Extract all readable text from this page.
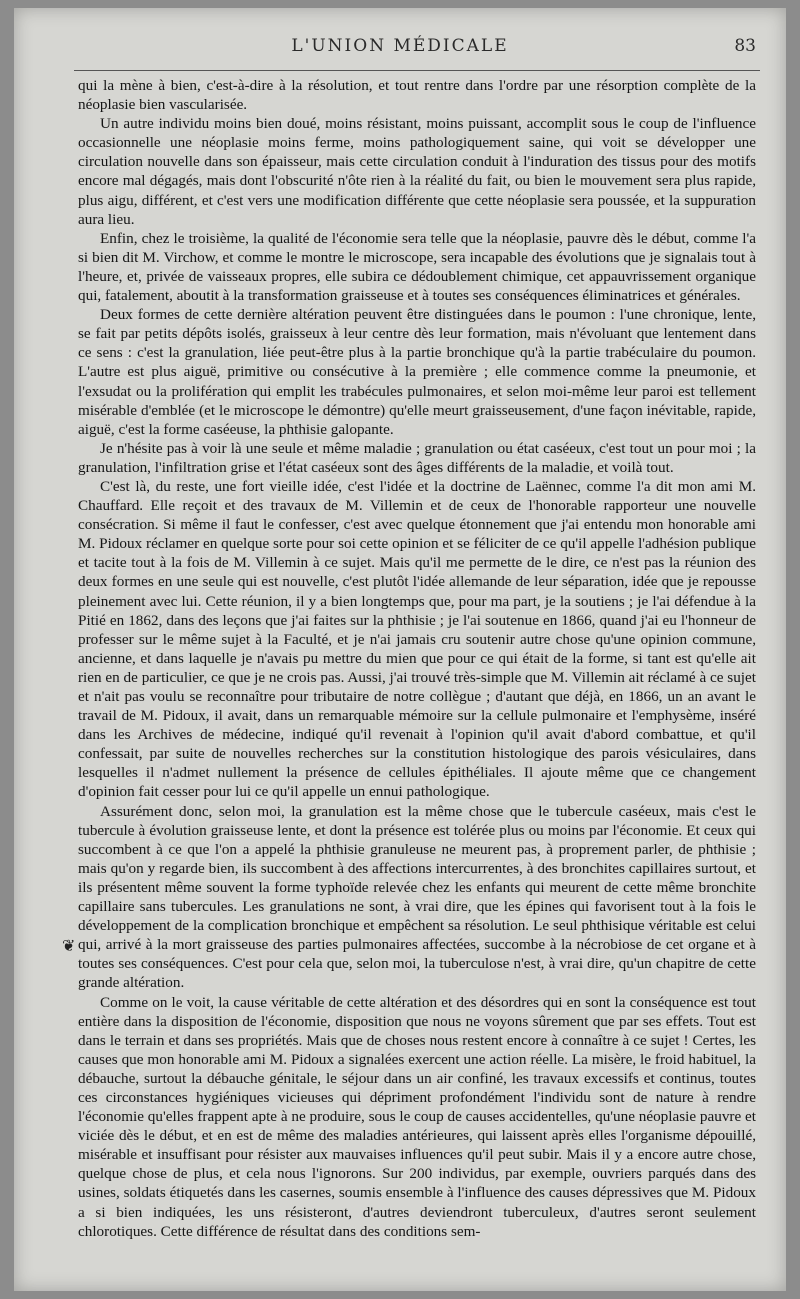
L'UNION MÉDICALE	83
❦

qui la mène à bien, c'est-à-dire à la résolution, et tout rentre dans l'ordre par une résorption complète de la néoplasie bien vascularisée.

Un autre individu moins bien doué, moins résistant, moins puissant, accomplit sous le coup de l'influence occasionnelle une néoplasie moins ferme, moins pathologiquement saine, qui voit se développer une circulation nouvelle dans son épaisseur, mais cette circulation conduit à l'induration des tissus pour des motifs encore mal dégagés, mais dont l'obscurité n'ôte rien à la réalité du fait, ou bien le mouvement sera plus rapide, plus aigu, différent, et c'est vers une modification différente que cette néoplasie sera poussée, et la suppuration aura lieu.

Enfin, chez le troisième, la qualité de l'économie sera telle que la néoplasie, pauvre dès le début, comme l'a si bien dit M. Virchow, et comme le montre le microscope, sera incapable des évolutions que je signalais tout à l'heure, et, privée de vaisseaux propres, elle subira ce dédoublement chimique, cet appauvrissement organique qui, fatalement, aboutit à la transformation graisseuse et à toutes ses conséquences éliminatrices et générales.

Deux formes de cette dernière altération peuvent être distinguées dans le poumon : l'une chronique, lente, se fait par petits dépôts isolés, graisseux à leur centre dès leur formation, mais n'évoluant que lentement dans ce sens : c'est la granulation, liée peut-être plus à la partie bronchique qu'à la partie trabéculaire du poumon. L'autre est plus aiguë, primitive ou consécutive à la première ; elle commence comme la pneumonie, et l'exsudat ou la prolifération qui emplit les trabécules pulmonaires, et selon moi-même leur paroi est tellement misérable d'emblée (et le microscope le démontre) qu'elle meurt graisseusement, d'une façon inévitable, rapide, aiguë, c'est la forme caséeuse, la phthisie galopante.

Je n'hésite pas à voir là une seule et même maladie ; granulation ou état caséeux, c'est tout un pour moi ; la granulation, l'infiltration grise et l'état caséeux sont des âges différents de la maladie, et voilà tout.

C'est là, du reste, une fort vieille idée, c'est l'idée et la doctrine de Laënnec, comme l'a dit mon ami M. Chauffard. Elle reçoit et des travaux de M. Villemin et de ceux de l'honorable rapporteur une nouvelle consécration. Si même il faut le confesser, c'est avec quelque étonnement que j'ai entendu mon honorable ami M. Pidoux réclamer en quelque sorte pour soi cette opinion et se féliciter de ce qu'il appelle l'adhésion publique et tacite tout à la fois de M. Villemin à ce sujet. Mais qu'il me permette de le dire, ce n'est pas la réunion des deux formes en une seule qui est nouvelle, c'est plutôt l'idée allemande de leur séparation, idée que je repousse pleinement avec lui. Cette réunion, il y a bien longtemps que, pour ma part, je la soutiens ; je l'ai défendue à la Pitié en 1862, dans des leçons que j'ai faites sur la phthisie ; je l'ai soutenue en 1866, quand j'ai eu l'honneur de professer sur le même sujet à la Faculté, et je n'ai jamais cru soutenir autre chose qu'une opinion commune, ancienne, et dans laquelle je n'avais pu mettre du mien que pour ce qui était de la forme, si tant est qu'elle ait rien en de particulier, ce que je ne crois pas. Aussi, j'ai trouvé très-simple que M. Villemin ait réclamé à ce sujet et n'ait pas voulu se reconnaître pour tributaire de notre collègue ; d'autant que déjà, en 1866, un an avant le travail de M. Pidoux, il avait, dans un remarquable mémoire sur la cellule pulmonaire et l'emphysème, inséré dans les Archives de médecine, indiqué qu'il revenait à l'opinion qu'il avait d'abord combattue, et qu'il confessait, par suite de nouvelles recherches sur la constitution histologique des parois vésiculaires, dans lesquelles il n'admet nullement la présence de cellules épithéliales. Il ajoute même que ce changement d'opinion fait cesser pour lui ce qu'il appelle un ennui pathologique.

Assurément donc, selon moi, la granulation est la même chose que le tubercule caséeux, mais c'est le tubercule à évolution graisseuse lente, et dont la présence est tolérée plus ou moins par l'économie. Et ceux qui succombent à ce que l'on a appelé la phthisie granuleuse ne meurent pas, à proprement parler, de phthisie ; mais qu'on y regarde bien, ils succombent à des affections intercurrentes, à des bronchites capillaires surtout, et ils présentent même souvent la forme typhoïde relevée chez les enfants qui meurent de cette même bronchite capillaire sans tubercules. Les granulations ne sont, à vrai dire, que les épines qui favorisent tout à la fois le développement de la complication bronchique et empêchent sa résolution. Le seul phthisique véritable est celui qui, arrivé à la mort graisseuse des parties pulmonaires affectées, succombe à la nécrobiose de cet organe et à toutes ses conséquences. C'est pour cela que, selon moi, la tuberculose n'est, à vrai dire, qu'un chapitre de cette grande altération.

Comme on le voit, la cause véritable de cette altération et des désordres qui en sont la conséquence est tout entière dans la disposition de l'économie, disposition que nous ne voyons sûrement que par ses effets. Tout est dans le terrain et dans ses propriétés. Mais que de choses nous restent encore à connaître à ce sujet ! Certes, les causes que mon honorable ami M. Pidoux a signalées exercent une action réelle. La misère, le froid habituel, la débauche, surtout la débauche génitale, le séjour dans un air confiné, les travaux excessifs et continus, toutes ces circonstances hygiéniques vicieuses qui dépriment profondément l'individu sont de nature à rendre l'économie qu'elles frappent apte à ne produire, sous le coup de causes accidentelles, qu'une néoplasie pauvre et viciée dès le début, et en est de même des maladies antérieures, qui laissent après elles l'organisme dépouillé, misérable et insuffisant pour résister aux mauvaises influences qu'il peut subir. Mais il y a encore autre chose, quelque chose de plus, et cela nous l'ignorons. Sur 200 individus, par exemple, ouvriers parqués dans des usines, soldats étiquetés dans les casernes, soumis ensemble à l'influence des causes dépressives que M. Pidoux a si bien indiquées, les uns résisteront, d'autres deviendront tuberculeux, d'autres seront seulement chlorotiques. Cette différence de résultat dans des conditions sem-
